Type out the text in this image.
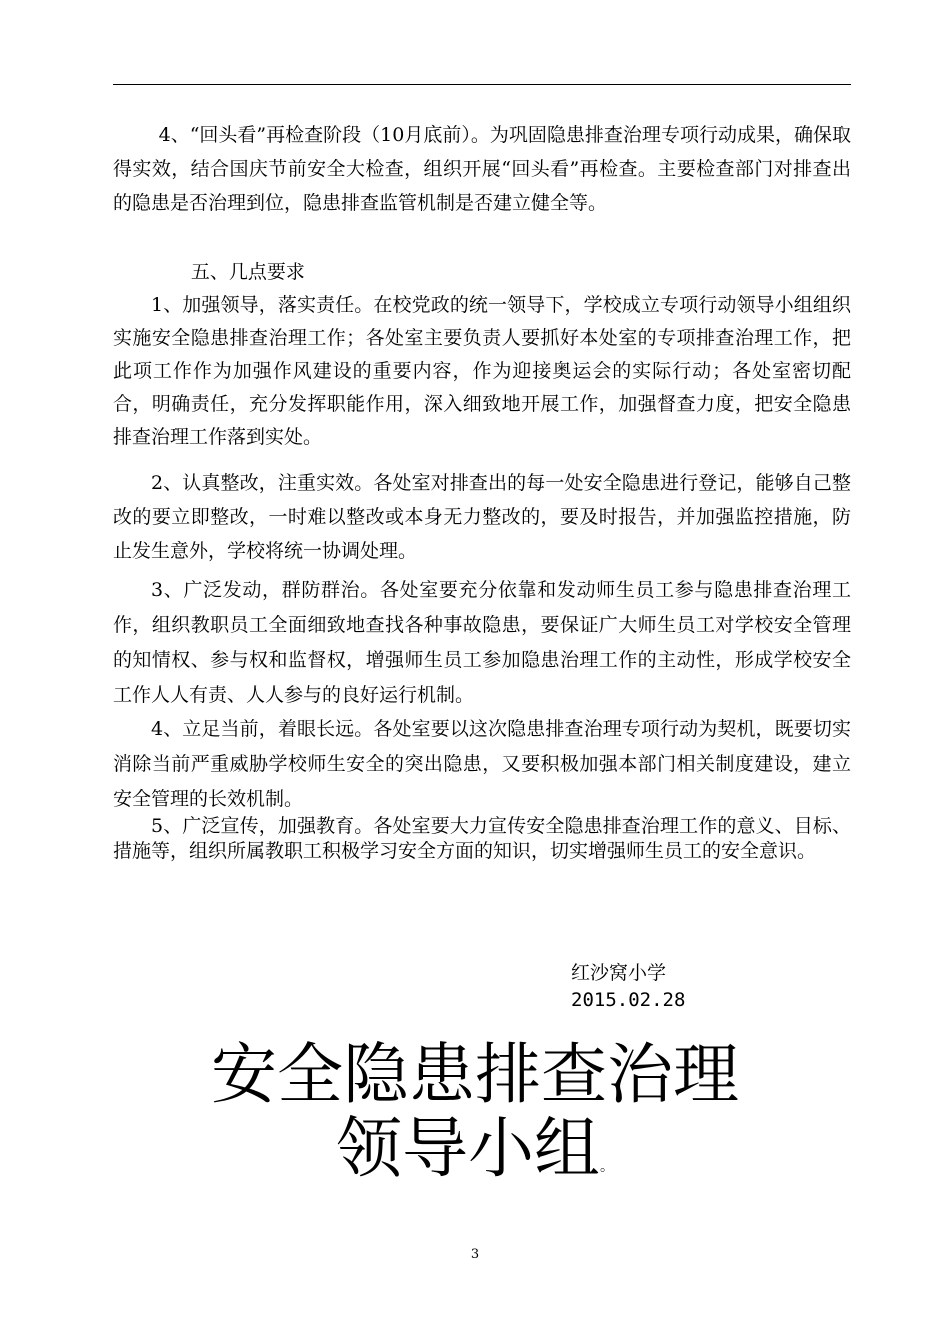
4、“回头看”再检查阶段（10月底前）。为巩固隐患排查治理专项行动成果，确保取得实效，结合国庆节前安全大检查，组织开展“回头看”再检查。主要检查部门对排查出的隐患是否治理到位，隐患排查监管机制是否建立健全等。

五、几点要求

1、加强领导，落实责任。在校党政的统一领导下，学校成立专项行动领导小组组织实施安全隐患排查治理工作；各处室主要负责人要抓好本处室的专项排查治理工作，把此项工作作为加强作风建设的重要内容，作为迎接奥运会的实际行动；各处室密切配合，明确责任，充分发挥职能作用，深入细致地开展工作，加强督查力度，把安全隐患排查治理工作落到实处。

2、认真整改，注重实效。各处室对排查出的每一处安全隐患进行登记，能够自己整改的要立即整改，一时难以整改或本身无力整改的，要及时报告，并加强监控措施，防止发生意外，学校将统一协调处理。

3、广泛发动，群防群治。各处室要充分依靠和发动师生员工参与隐患排查治理工作，组织教职员工全面细致地查找各种事故隐患，要保证广大师生员工对学校安全管理的知情权、参与权和监督权，增强师生员工参加隐患治理工作的主动性，形成学校安全工作人人有责、人人参与的良好运行机制。

4、立足当前，着眼长远。各处室要以这次隐患排查治理专项行动为契机，既要切实消除当前严重威胁学校师生安全的突出隐患，又要积极加强本部门相关制度建设，建立安全管理的长效机制。

5、广泛宣传，加强教育。各处室要大力宣传安全隐患排查治理工作的意义、目标、措施等，组织所属教职工积极学习安全方面的知识，切实增强师生员工的安全意识。

红沙窝小学
2015.02.28
安全隐患排查治理
领导小组。
3
